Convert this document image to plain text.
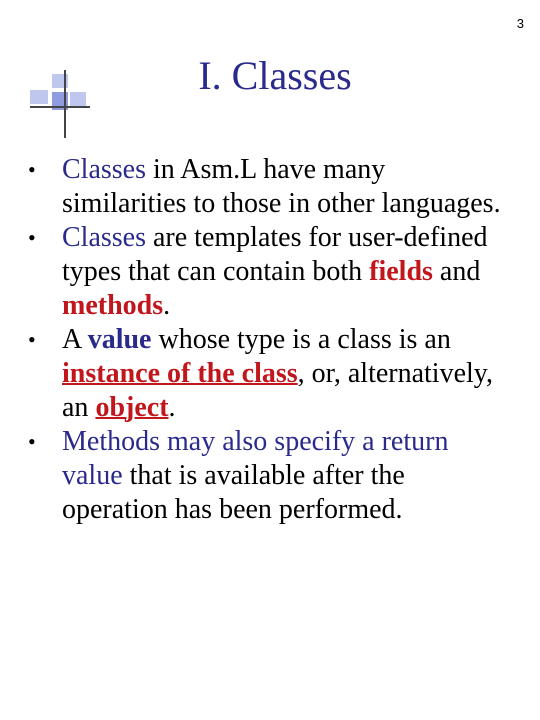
3
I. Classes
• Classes in Asm.L have many similarities to those in other languages.
• Classes are templates for user-defined types that can contain both fields and methods.
• A value whose type is a class is an instance of the class, or, alternatively, an object.
• Methods may also specify a return value that is available after the operation has been performed.
